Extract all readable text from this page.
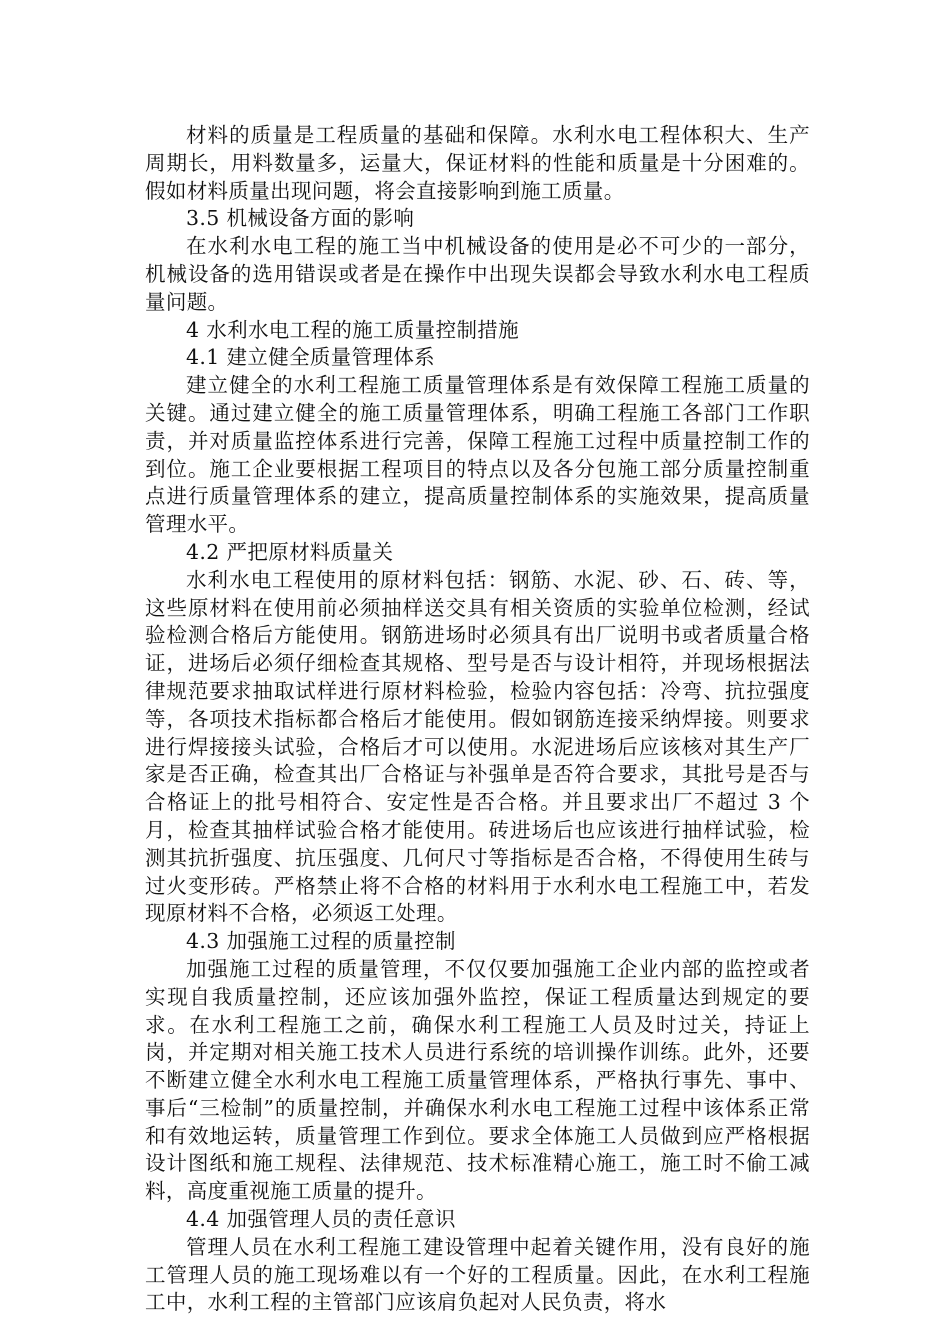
材料的质量是工程质量的基础和保障。水利水电工程体积大、生产周期长，用料数量多，运量大，保证材料的性能和质量是十分困难的。假如材料质量出现问题，将会直接影响到施工质量。

3.5 机械设备方面的影响

在水利水电工程的施工当中机械设备的使用是必不可少的一部分，机械设备的选用错误或者是在操作中出现失误都会导致水利水电工程质量问题。

4 水利水电工程的施工质量控制措施

4.1 建立健全质量管理体系

建立健全的水利工程施工质量管理体系是有效保障工程施工质量的关键。通过建立健全的施工质量管理体系，明确工程施工各部门工作职责，并对质量监控体系进行完善，保障工程施工过程中质量控制工作的到位。施工企业要根据工程项目的特点以及各分包施工部分质量控制重点进行质量管理体系的建立，提高质量控制体系的实施效果，提高质量管理水平。

4.2 严把原材料质量关

水利水电工程使用的原材料包括：钢筋、水泥、砂、石、砖、等，这些原材料在使用前必须抽样送交具有相关资质的实验单位检测，经试验检测合格后方能使用。钢筋进场时必须具有出厂说明书或者质量合格证，进场后必须仔细检查其规格、型号是否与设计相符，并现场根据法律规范要求抽取试样进行原材料检验，检验内容包括：冷弯、抗拉强度等，各项技术指标都合格后才能使用。假如钢筋连接采纳焊接。则要求进行焊接接头试验，合格后才可以使用。水泥进场后应该核对其生产厂家是否正确，检查其出厂合格证与补强单是否符合要求，其批号是否与合格证上的批号相符合、安定性是否合格。并且要求出厂不超过 3 个月，检查其抽样试验合格才能使用。砖进场后也应该进行抽样试验，检测其抗折强度、抗压强度、几何尺寸等指标是否合格，不得使用生砖与过火变形砖。严格禁止将不合格的材料用于水利水电工程施工中，若发现原材料不合格，必须返工处理。

4.3 加强施工过程的质量控制

加强施工过程的质量管理，不仅仅要加强施工企业内部的监控或者实现自我质量控制，还应该加强外监控，保证工程质量达到规定的要求。在水利工程施工之前，确保水利工程施工人员及时过关，持证上岗，并定期对相关施工技术人员进行系统的培训操作训练。此外，还要不断建立健全水利水电工程施工质量管理体系，严格执行事先、事中、事后“三检制”的质量控制，并确保水利水电工程施工过程中该体系正常和有效地运转，质量管理工作到位。要求全体施工人员做到应严格根据设计图纸和施工规程、法律规范、技术标准精心施工，施工时不偷工减料，高度重视施工质量的提升。

4.4 加强管理人员的责任意识

管理人员在水利工程施工建设管理中起着关键作用，没有良好的施工管理人员的施工现场难以有一个好的工程质量。因此，在水利工程施工中，水利工程的主管部门应该肩负起对人民负责，将水
